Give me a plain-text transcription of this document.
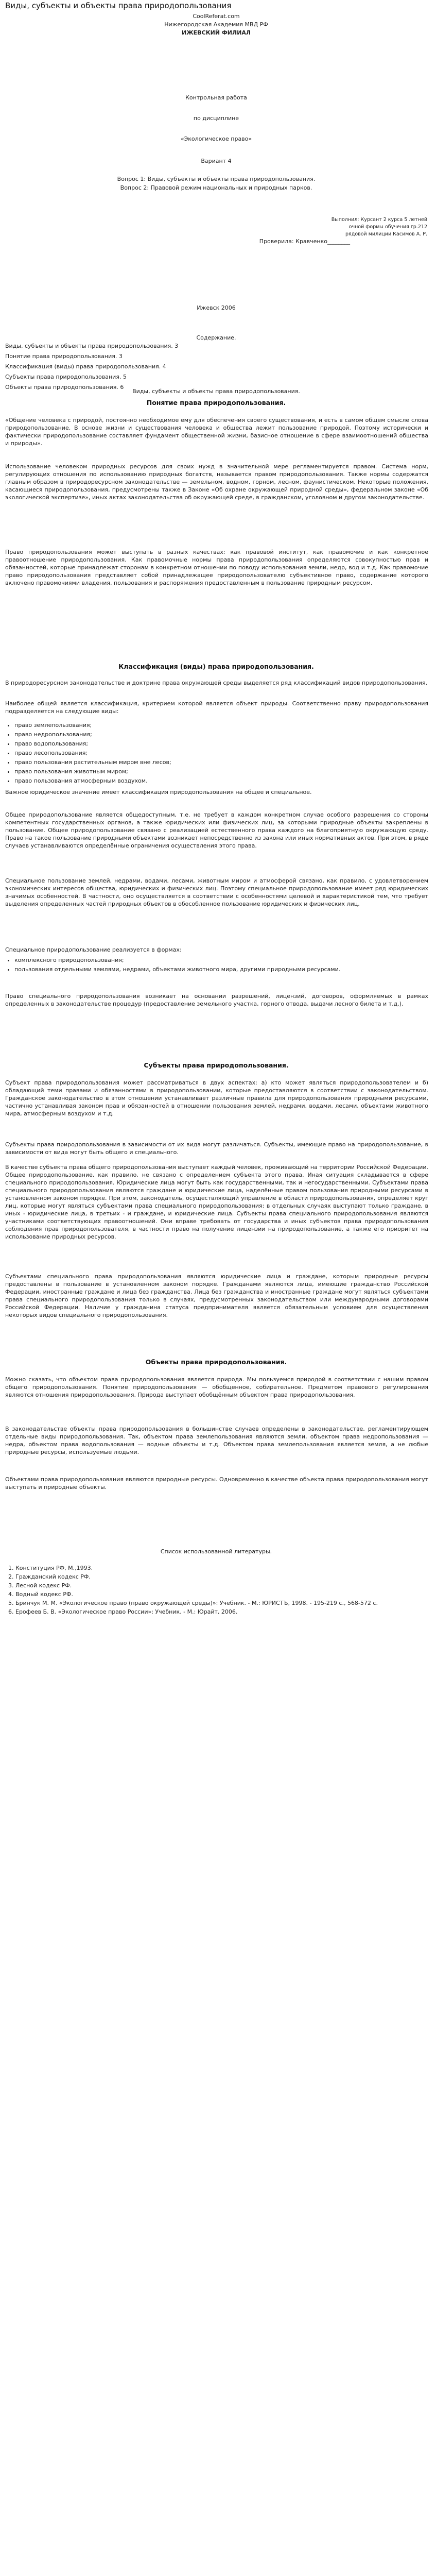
Виды, субъекты и объекты права природопользования
CoolReferat.com
Нижегородская Академия МВД РФ
ИЖЕВСКИЙ ФИЛИАЛ
Контрольная работа
по дисциплине
«Экологическое право»
Вариант 4
Вопрос 1: Виды, субъекты и объекты права природопользования.
Вопрос 2: Правовой режим национальных и природных парков.
Выполнил: Курсант 2 курса 5 летней
очной формы обучения гр.212
рядовой милиции Касимов А. Р.
Проверила: Кравченко________
Ижевск 2006
Содержание.

Виды, субъекты и объекты права природопользования. 3

Понятие права природопользования. 3

Классификация (виды) права природопользования. 4

Субъекты права природопользования. 5

Объекты права природопользования. 6

Виды, субъекты и объекты права природопользования.
Понятие права природопользования.

«Общение человека с природой, постоянно необходимое ему для обеспечения своего существования, и есть в самом общем смысле слова природопользование. В основе жизни и существования человека и общества лежит пользование природой. Поэтому исторически и фактически природопользование составляет фундамент общественной жизни, базисное отношение в сфере взаимоотношений общества и природы».

Использование человеком природных ресурсов для своих нужд в значительной мере регламентируется правом. Система норм, регулирующих отношения по использованию природных богатств, называется правом природопользования. Также нормы содержатся главным образом в природоресурсном законодательстве — земельном, водном, горном, лесном, фаунистическом. Некоторые положения, касающиеся природопользования, предусмотрены также в Законе «Об охране окружающей природной среды», федеральном законе «Об экологической экспертизе», иных актах законодательства об окружающей среде, в гражданском, уголовном и другом законодательстве.

Право природопользования может выступать в разных качествах: как правовой институт, как правомочие и как конкретное правоотношение природопользования. Как правомочные нормы права природопользования определяются совокупностью прав и обязанностей, которые принадлежат сторонам в конкретном отношении по поводу использования земли, недр, вод и т.д. Как правомочие право природопользования представляет собой принадлежащее природопользователю субъективное право, содержание которого включено правомочиями владения, пользования и распоряжения предоставленным в пользование природным ресурсом.

Классификация (виды) права природопользования.

В природоресурсном законодательстве и доктрине права окружающей среды выделяется ряд классификаций видов природопользования.

Наиболее общей является классификация, критерием которой является объект природы. Соответственно праву природопользования подразделяется на следующие виды:

• право землепользования;
• право недропользования;
• право водопользования;
• право лесопользования;
• право пользования растительным миром вне лесов;
• право пользования животным миром;
• право пользования атмосферным воздухом.

Важное юридическое значение имеет классификация природопользования на общее и специальное.

Общее природопользование является общедоступным, т.е. не требует в каждом конкретном случае особого разрешения со стороны компетентных государственных органов, а также юридических или физических лиц, за которыми природные объекты закреплены в пользование. Общее природопользование связано с реализацией естественного права каждого на благоприятную окружающую среду. Право на такое пользование природными объектами возникает непосредственно из закона или иных нормативных актов. При этом, в ряде случаев устанавливаются определённые ограничения осуществления этого права.

Специальное пользование землей, недрами, водами, лесами, животным миром и атмосферой связано, как правило, с удовлетворением экономических интересов общества, юридических и физических лиц. Поэтому специальное природопользование имеет ряд юридических значимых особенностей. В частности, оно осуществляется в соответствии с особенностями целевой и характеристикой тем, что требует выделения определенных частей природных объектов в обособленное пользование юридических и физических лиц.

Специальное природопользование реализуется в формах:

• комплексного природопользования;
• пользования отдельными землями, недрами, объектами животного мира, другими природными ресурсами.

Право специального природопользования возникает на основании разрешений, лицензий, договоров, оформляемых в рамках определенных в законодательстве процедур (предоставление земельного участка, горного отвода, выдачи лесного билета и т.д.).

Субъекты права природопользования.

Субъект права природопользования может рассматриваться в двух аспектах: а) кто может являться природопользователем и б) обладающий теми правами и обязанностями в природопользовании, которые предоставляются в соответствии с законодательством. Гражданское законодательство в этом отношении устанавливает различные правила для природопользования природными ресурсами, частично устанавливая законом прав и обязанностей в отношении пользования землей, недрами, водами, лесами, объектами животного мира, атмосферным воздухом и т.д.

Субъекты права природопользования в зависимости от их вида могут различаться. Субъекты, имеющие право на природопользование, в зависимости от вида могут быть общего и специального.

В качестве субъекта права общего природопользования выступает каждый человек, проживающий на территории Российской Федерации. Общее природопользование, как правило, не связано с определением субъекта этого права. Иная ситуация складывается в сфере специального природопользования. Юридические лица могут быть как государственными, так и негосударственными. Субъектами права специального природопользования являются граждане и юридические лица, наделённые правом пользования природными ресурсами в установленном законом порядке. При этом, законодатель, осуществляющий управление в области природопользования, определяет круг лиц, которые могут являться субъектами права специального природопользования: в отдельных случаях выступают только граждане, в иных - юридические лица, в третьих - и граждане, и юридические лица. Субъекты права специального природопользования являются участниками соответствующих правоотношений. Они вправе требовать от государства и иных субъектов права природопользования соблюдения прав природопользователя, в частности право на получение лицензии на природопользование, а также его приоритет на использование природных ресурсов.

Субъектами специального права природопользования являются юридические лица и граждане, которым природные ресурсы предоставлены в пользование в установленном законом порядке. Гражданами являются лица, имеющие гражданство Российской Федерации, иностранные граждане и лица без гражданства. Лица без гражданства и иностранные граждане могут являться субъектами права специального природопользования только в случаях, предусмотренных законодательством или международными договорами Российской Федерации. Наличие у гражданина статуса предпринимателя является обязательным условием для осуществления некоторых видов специального природопользования.

Объекты права природопользования.

Можно сказать, что объектом права природопользования является природа. Мы пользуемся природой в соответствии с нашим правом общего природопользования. Понятие природопользования — обобщенное, собирательное. Предметом правового регулирования являются отношения природопользования. Природа выступает обобщённым объектом права природопользования.

В законодательстве объекты права природопользования в большинстве случаев определены в законодательстве, регламентирующем отдельные виды природопользования. Так, объектом права землепользования являются земли, объектом права недропользования — недра, объектом права водопользования — водные объекты и т.д. Объектом права землепользования является земля, а не любые природные ресурсы, используемые людьми.

Объектами права природопользования являются природные ресурсы. Одновременно в качестве объекта права природопользования могут выступать и природные объекты.

Список использованной литературы.
1. Конституция РФ, М.,1993.
2. Гражданский кодекс РФ.
3. Лесной кодекс РФ.
4. Водный кодекс РФ.
5. Бринчук М. М. «Экологическое право (право окружающей среды)»: Учебник. - М.: ЮРИСТЪ, 1998. - 195-219 с., 568-572 с.
6. Ерофеев Б. В. «Экологическое право России»: Учебник. - М.: Юрайт, 2006.
